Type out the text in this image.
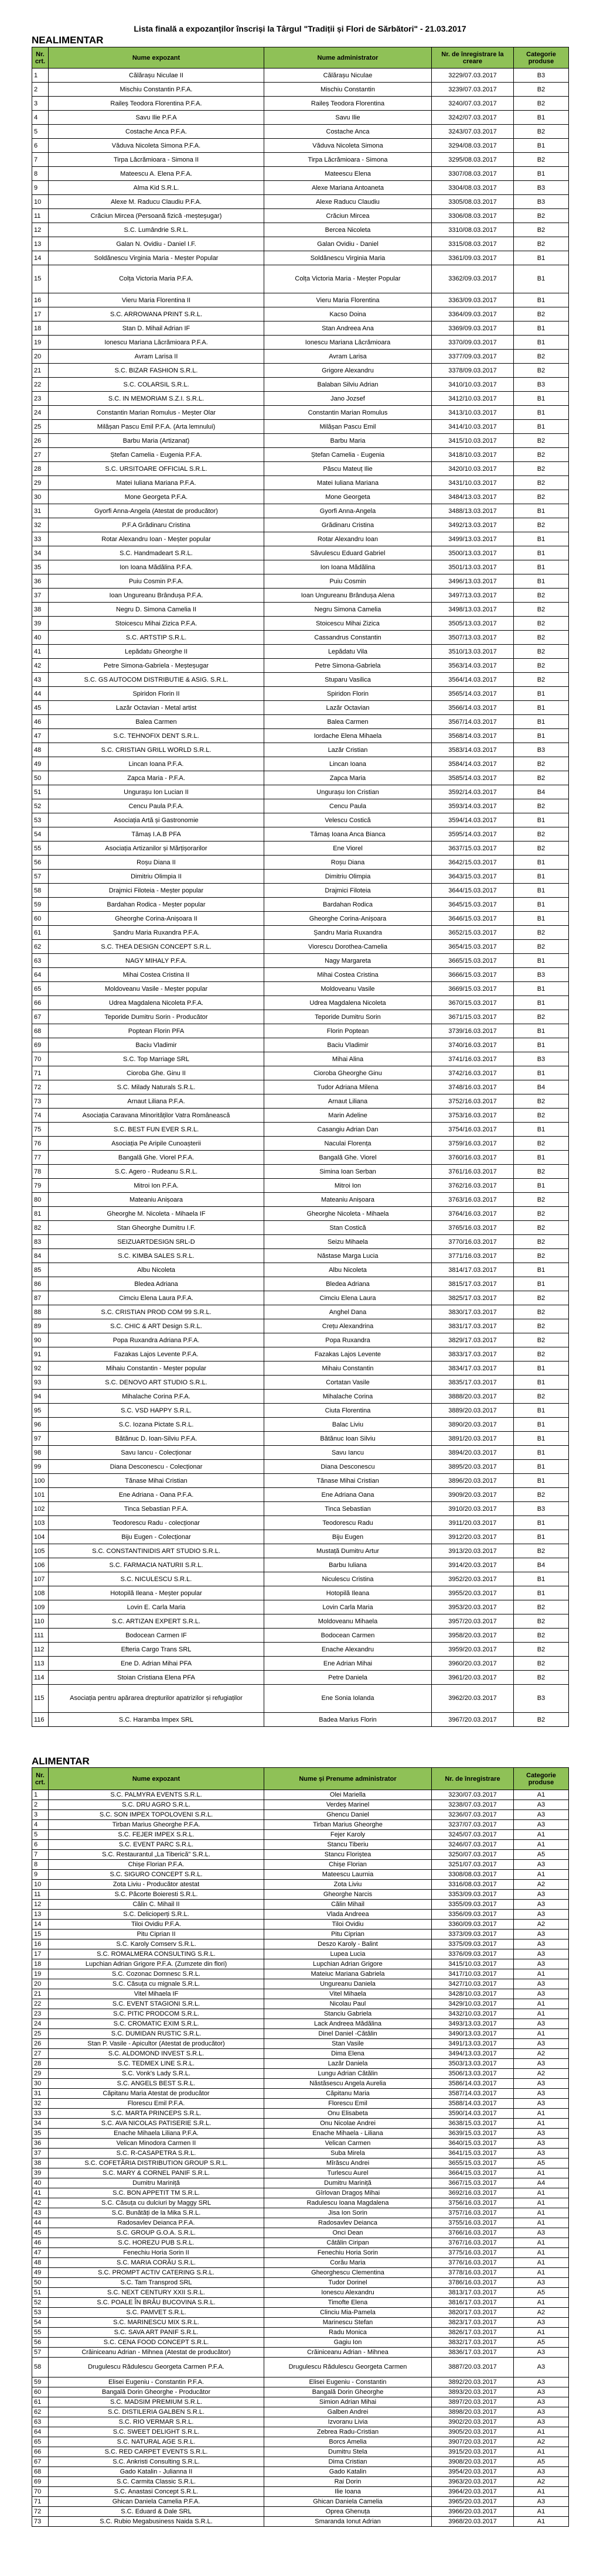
Lista finală a expozanților înscriși la Târgul "Tradiții și Flori de Sărbători" - 21.03.2017
NEALIMENTAR
Nr. crt.	Nume expozant	Nume administrator	Nr. de înregistrare la creare	Categorie produse
1	Călărașu Niculae II	Călărașu Niculae	3229/07.03.2017	B3
2	Mischiu Constantin P.F.A.	Mischiu Constantin	3239/07.03.2017	B2
3	Raileș Teodora Florentina P.F.A.	Raileș Teodora Florentina	3240/07.03.2017	B2
4	Savu Ilie P.F.A	Savu Ilie	3242/07.03.2017	B1
5	Costache Anca P.F.A.	Costache Anca	3243/07.03.2017	B2
6	Văduva Nicoleta Simona P.F.A.	Văduva Nicoleta Simona	3294/08.03.2017	B1
7	Tirpa Lăcrămioara - Simona II	Tirpa Lăcrămioara - Simona	3295/08.03.2017	B2
8	Mateescu A. Elena P.F.A.	Mateescu Elena	3307/08.03.2017	B1
9	Alma Kid S.R.L.	Alexe Mariana Antoaneta	3304/08.03.2017	B3
10	Alexe M. Raducu Claudiu P.F.A.	Alexe Raducu Claudiu	3305/08.03.2017	B3
11	Crăciun Mircea (Persoană fizică -meșteșugar)	Crăciun Mircea	3306/08.03.2017	B2
12	S.C. Lumândrie S.R.L.	Bercea Nicoleta	3310/08.03.2017	B2
13	Galan N. Ovidiu - Daniel I.F.	Galan Ovidiu - Daniel	3315/08.03.2017	B2
14	Soldănescu Virginia Maria - Meșter Popular	Soldănescu Virginia Maria	3361/09.03.2017	B1
15	Colța Victoria Maria P.F.A.	Colța Victoria Maria - Meșter Popular	3362/09.03.2017	B1
16	Vieru Maria Florentina II	Vieru Maria Florentina	3363/09.03.2017	B1
17	S.C. ARROWANA PRINT S.R.L.	Kacso Doina	3364/09.03.2017	B2
18	Stan D. Mihail Adrian IF	Stan Andreea Ana	3369/09.03.2017	B1
19	Ionescu Mariana Lăcrămioara P.F.A.	Ionescu Mariana Lăcrămioara	3370/09.03.2017	B1
20	Avram Larisa II	Avram Larisa	3377/09.03.2017	B2
21	S.C. BIZAR FASHION S.R.L.	Grigore Alexandru	3378/09.03.2017	B2
22	S.C. COLARSIL S.R.L.	Balaban Silviu Adrian	3410/10.03.2017	B3
23	S.C. IN MEMORIAM S.Z.I. S.R.L.	Jano Jozsef	3412/10.03.2017	B1
24	Constantin Marian Romulus - Meșter Olar	Constantin Marian Romulus	3413/10.03.2017	B1
25	Milășan Pascu Emil P.F.A. (Arta lemnului)	Milășan Pascu Emil	3414/10.03.2017	B1
26	Barbu Maria (Artizanat)	Barbu Maria	3415/10.03.2017	B2
27	Ștefan Camelia - Eugenia P.F.A.	Ștefan Camelia - Eugenia	3418/10.03.2017	B2
28	S.C. URSITOARE OFFICIAL S.R.L.	Păscu Mateuț Ilie	3420/10.03.2017	B2
29	Matei Iuliana Mariana P.F.A.	Matei Iuliana Mariana	3431/10.03.2017	B2
30	Mone Georgeta P.F.A.	Mone Georgeta	3484/13.03.2017	B2
31	Gyorfi Anna-Angela (Atestat de producător)	Gyorfi Anna-Angela	3488/13.03.2017	B1
32	P.F.A Grădinaru Cristina	Grădinaru Cristina	3492/13.03.2017	B2
33	Rotar Alexandru Ioan - Meșter popular	Rotar Alexandru Ioan	3499/13.03.2017	B1
34	S.C. Handmadeart S.R.L.	Săvulescu Eduard Gabriel	3500/13.03.2017	B1
35	Ion Ioana Mădălina P.F.A.	Ion Ioana Mădălina	3501/13.03.2017	B1
36	Puiu Cosmin P.F.A.	Puiu Cosmin	3496/13.03.2017	B1
37	Ioan Ungureanu Brândușa P.F.A.	Ioan Ungureanu Brândușa Alena	3497/13.03.2017	B2
38	Negru D. Simona Camelia II	Negru Simona Camelia	3498/13.03.2017	B2
39	Stoicescu Mihai Zizica P.F.A.	Stoicescu Mihai Zizica	3505/13.03.2017	B2
40	S.C. ARTSTIP S.R.L.	Cassandrus Constantin	3507/13.03.2017	B2
41	Lepădatu Gheorghe II	Lepădatu Vila	3510/13.03.2017	B2
42	Petre Simona-Gabriela - Meșteșugar	Petre Simona-Gabriela	3563/14.03.2017	B2
43	S.C. GS AUTOCOM DISTRIBUTIE & ASIG. S.R.L.	Stuparu Vasilica	3564/14.03.2017	B2
44	Spiridon Florin II	Spiridon Florin	3565/14.03.2017	B1
45	Lazăr Octavian - Metal artist	Lazăr Octavian	3566/14.03.2017	B1
46	Balea Carmen	Balea Carmen	3567/14.03.2017	B1
47	S.C. TEHNOFIX DENT S.R.L.	Iordache Elena Mihaela	3568/14.03.2017	B1
48	S.C. CRISTIAN GRILL WORLD S.R.L.	Lazăr Cristian	3583/14.03.2017	B3
49	Lincan Ioana P.F.A.	Lincan Ioana	3584/14.03.2017	B2
50	Zapca Maria - P.F.A.	Zapca Maria	3585/14.03.2017	B2
51	Ungurașu Ion Lucian II	Ungurașu Ion Cristian	3592/14.03.2017	B4
52	Cencu Paula P.F.A.	Cencu Paula	3593/14.03.2017	B2
53	Asociația Artă și Gastronomie	Velescu Costică	3594/14.03.2017	B1
54	Tămaș I.A.B PFA	Tămaș Ioana Anca Bianca	3595/14.03.2017	B2
55	Asociația Artizanilor și Mărțișorarilor	Ene Viorel	3637/15.03.2017	B2
56	Roșu Diana II	Roșu Diana	3642/15.03.2017	B1
57	Dimitriu Olimpia II	Dimitriu Olimpia	3643/15.03.2017	B1
58	Drajmici Filoteia - Meșter popular	Drajmici Filoteia	3644/15.03.2017	B1
59	Bardahan Rodica - Meșter popular	Bardahan Rodica	3645/15.03.2017	B1
60	Gheorghe Corina-Anișoara II	Gheorghe Corina-Anișoara	3646/15.03.2017	B1
61	Șandru Maria Ruxandra P.F.A.	Șandru Maria Ruxandra	3652/15.03.2017	B2
62	S.C. THEA DESIGN CONCEPT S.R.L.	Viorescu Dorothea-Camelia	3654/15.03.2017	B2
63	NAGY MIHALY P.F.A.	Nagy Margareta	3665/15.03.2017	B1
64	Mihai Costea Cristina II	Mihai Costea Cristina	3666/15.03.2017	B3
65	Moldoveanu Vasile - Meșter popular	Moldoveanu Vasile	3669/15.03.2017	B1
66	Udrea Magdalena Nicoleta P.F.A.	Udrea Magdalena Nicoleta	3670/15.03.2017	B1
67	Teporide Dumitru Sorin - Producător	Teporide Dumitru Sorin	3671/15.03.2017	B2
68	Poptean Florin PFA	Florin Poptean	3739/16.03.2017	B1
69	Baciu Vladimir	Baciu Vladimir	3740/16.03.2017	B1
70	S.C. Top Marriage SRL	Mihai Alina	3741/16.03.2017	B3
71	Cioroba Ghe. Ginu II	Cioroba Gheorghe Ginu	3742/16.03.2017	B1
72	S.C. Milady Naturals S.R.L.	Tudor Adriana Milena	3748/16.03.2017	B4
73	Arnaut Liliana P.F.A.	Arnaut Liliana	3752/16.03.2017	B2
74	Asociația Caravana Minorităților Vatra Românească	Marin Adeline	3753/16.03.2017	B2
75	S.C. BEST FUN EVER S.R.L.	Casangiu Adrian Dan	3754/16.03.2017	B1
76	Asociația Pe Aripile Cunoașterii	Naculai Florența	3759/16.03.2017	B2
77	Bangală Ghe. Viorel P.F.A.	Bangală Ghe. Viorel	3760/16.03.2017	B1
78	S.C. Agero - Rudeanu S.R.L.	Simina Ioan Serban	3761/16.03.2017	B2
79	Mitroi Ion P.F.A.	Mitroi Ion	3762/16.03.2017	B1
80	Mateaniu Anișoara	Mateaniu Anișoara	3763/16.03.2017	B2
81	Gheorghe M. Nicoleta - Mihaela IF	Gheorghe Nicoleta - Mihaela	3764/16.03.2017	B2
82	Stan Gheorghe Dumitru I.F.	Stan Costică	3765/16.03.2017	B2
83	SEIZUARTDESIGN SRL-D	Seizu Mihaela	3770/16.03.2017	B2
84	S.C. KIMBA SALES S.R.L.	Năstase Marga Lucia	3771/16.03.2017	B2
85	Albu Nicoleta	Albu Nicoleta	3814/17.03.2017	B1
86	Bledea Adriana	Bledea Adriana	3815/17.03.2017	B1
87	Cimciu Elena Laura P.F.A.	Cimciu Elena Laura	3825/17.03.2017	B2
88	S.C. CRISTIAN PROD COM 99 S.R.L.	Anghel Dana	3830/17.03.2017	B2
89	S.C. CHIC & ART Design S.R.L.	Crețu Alexandrina	3831/17.03.2017	B2
90	Popa Ruxandra Adriana P.F.A.	Popa Ruxandra	3829/17.03.2017	B2
91	Fazakas Lajos Levente P.F.A.	Fazakas Lajos Levente	3833/17.03.2017	B2
92	Mihaiu Constantin - Meșter popular	Mihaiu Constantin	3834/17.03.2017	B1
93	S.C. DENOVO ART STUDIO S.R.L.	Cortatan Vasile	3835/17.03.2017	B1
94	Mihalache Corina P.F.A.	Mihalache Corina	3888/20.03.2017	B2
95	S.C. VSD HAPPY S.R.L.	Ciuta Florentina	3889/20.03.2017	B1
96	S.C. Iozana Pictate S.R.L.	Balac Liviu	3890/20.03.2017	B1
97	Bătănuc D. Ioan-Silviu P.F.A.	Bătănuc Ioan Silviu	3891/20.03.2017	B1
98	Savu Iancu - Colecționar	Savu Iancu	3894/20.03.2017	B1
99	Diana Desconescu - Colecționar	Diana Desconescu	3895/20.03.2017	B1
100	Tănase Mihai Cristian	Tănase Mihai Cristian	3896/20.03.2017	B1
101	Ene Adriana - Oana P.F.A.	Ene Adriana Oana	3909/20.03.2017	B2
102	Tinca Sebastian P.F.A.	Tinca Sebastian	3910/20.03.2017	B3
103	Teodorescu Radu - colecționar	Teodorescu Radu	3911/20.03.2017	B1
104	Biju Eugen - Colecționar	Biju Eugen	3912/20.03.2017	B1
105	S.C. CONSTANTINIDIS ART STUDIO S.R.L.	Mustață Dumitru Artur	3913/20.03.2017	B2
106	S.C. FARMACIA NATURII S.R.L.	Barbu Iuliana	3914/20.03.2017	B4
107	S.C. NICULESCU S.R.L.	Niculescu Cristina	3952/20.03.2017	B1
108	Hotopilă Ileana - Meșter popular	Hotopilă Ileana	3955/20.03.2017	B1
109	Lovin E. Carla Maria	Lovin Carla Maria	3953/20.03.2017	B2
110	S.C. ARTIZAN EXPERT S.R.L.	Moldoveanu Mihaela	3957/20.03.2017	B2
111	Bodocean Carmen IF	Bodocean Carmen	3958/20.03.2017	B2
112	Efteria Cargo Trans SRL	Enache Alexandru	3959/20.03.2017	B2
113	Ene D. Adrian Mihai PFA	Ene Adrian Mihai	3960/20.03.2017	B2
114	Stoian Cristiana Elena PFA	Petre Daniela	3961/20.03.2017	B2
115	Asociația pentru apărarea drepturilor apatrizilor și refugiaților	Ene Sonia Iolanda	3962/20.03.2017	B3
116	S.C. Haramba Impex SRL	Badea Marius Florin	3967/20.03.2017	B2
ALIMENTAR
Nr. crt.	Nume expozant	Nume și Prenume administrator	Nr. de înregistrare	Categorie produse
1	S.C. PALMYRA EVENTS S.R.L.	Olei Mariella	3230/07.03.2017	A1
2	S.C. DRU AGRO S.R.L.	Verdeș Marinel	3238/07.03.2017	A3
3	S.C. SON IMPEX TOPOLOVENI S.R.L.	Ghencu Daniel	3236/07.03.2017	A3
4	Tirban Marius Gheorghe P.F.A.	Tirban Marius Gheorghe	3237/07.03.2017	A3
5	S.C. FEJER IMPEX S.R.L.	Fejer Karoly	3245/07.03.2017	A1
6	S.C. EVENT PARC S.R.L.	Stancu Tiberiu	3246/07.03.2017	A1
7	S.C. Restaurantul „La Tiberică" S.R.L.	Stancu Floriștea	3250/07.03.2017	A5
8	Chișe Florian P.F.A.	Chișe Florian	3251/07.03.2017	A3
9	S.C. SIGURO CONCEPT S.R.L.	Mateescu Laurnia	3308/08.03.2017	A1
10	Zota Liviu - Producător atestat	Zota Liviu	3316/08.03.2017	A2
11	S.C. Păcorte Boieresti S.R.L.	Gheorghe Narcis	3353/09.03.2017	A3
12	Călin C. Mihail II	Călin Mihail	3355/09.03.2017	A3
13	S.C. Delicioperți S.R.L.	Vlada Andreea	3356/09.03.2017	A3
14	Tiloi Ovidiu P.F.A.	Tiloi Ovidiu	3360/09.03.2017	A2
15	Pitu Ciprian II	Pitu Ciprian	3373/09.03.2017	A3
16	S.C. Karoly Comserv S.R.L.	Deszo Karoly - Balint	3375/09.03.2017	A3
17	S.C. ROMALMERA CONSULTING S.R.L.	Lupea Lucia	3376/09.03.2017	A3
18	Lupchian Adrian Grigore P.F.A. (Zumzete din flori)	Lupchian Adrian Grigore	3415/10.03.2017	A3
19	S.C. Cozonac Domnesc S.R.L.	Mateiuc Mariana Gabriela	3417/10.03.2017	A1
20	S.C. Căsuța cu mignale S.R.L.	Ungureanu Daniela	3427/10.03.2017	A3
21	Vitel Mihaela IF	Vitel Mihaela	3428/10.03.2017	A3
22	S.C. EVENT STAGIONI S.R.L.	Nicolau Paul	3429/10.03.2017	A1
23	S.C. PITIC PRODCOM S.R.L.	Stanciu Gabriela	3432/10.03.2017	A1
24	S.C. CROMATIC EXIM S.R.L.	Lack Andreea Mădălina	3493/13.03.2017	A3
25	S.C. DUMIDAN RUSTIC S.R.L.	Dinel Daniel -Cătălin	3490/13.03.2017	A1
26	Stan P. Vasile - Apicultor (Atestat de producător)	Stan Vasile	3491/13.03.2017	A3
27	S.C. ALDOMOND INVEST S.R.L.	Dima Elena	3494/13.03.2017	A2
28	S.C. TEDMEX LINE S.R.L.	Lazăr Daniela	3503/13.03.2017	A3
29	S.C. Vonk's Lady S.R.L.	Lungu Adrian Cătălin	3506/13.03.2017	A2
30	S.C. ANGELS BEST S.R.L.	Năstăsescu Angela Aurelia	3586/14.03.2017	A3
31	Căpitanu Maria Atestat de producător	Căpitanu Maria	3587/14.03.2017	A3
32	Florescu Emil P.F.A.	Florescu Emil	3588/14.03.2017	A3
33	S.C. MARTA PRINCEPS S.R.L.	Onu Elisabeta	3590/14.03.2017	A1
34	S.C. AVA NICOLAS PATISERIE S.R.L.	Onu Nicolae Andrei	3638/15.03.2017	A1
35	Enache Mihaela Liliana P.F.A.	Enache Mihaela - Liliana	3639/15.03.2017	A3
36	Velican Minodora Carmen II	Velican Carmen	3640/15.03.2017	A3
37	S.C. R-CASAPETRA S.R.L.	Suba Mirela	3641/15.03.2017	A3
38	S.C. COFETĂRIA DISTRIBUTION GROUP S.R.L.	Mîrăscu Andrei	3655/15.03.2017	A5
39	S.C. MARY & CORNEL PANIF S.R.L.	Turlescu Aurel	3664/15.03.2017	A1
40	Dumitru Mariniță	Dumitru Mariniță	3667/15.03.2017	A4
41	S.C. BON APPETIT TM S.R.L.	Gîrlovan Dragoș Mihai	3692/16.03.2017	A1
42	S.C. Căsuța cu dulciuri by Maggy SRL	Radulescu Ioana Magdalena	3756/16.03.2017	A1
43	S.C. Bunătăți de la Mika S.R.L.	Jisa Ion Sorin	3757/16.03.2017	A1
44	Radosavlev Deianca P.F.A.	Radosavlev Deianca	3755/16.03.2017	A1
45	S.C. GROUP G.O.A. S.R.L.	Onci Dean	3766/16.03.2017	A3
46	S.C. HOREZU PUB S.R.L.	Cătălin Ciripan	3767/16.03.2017	A1
47	Fenechiu Horia Sorin II	Fenechiu Horia Sorin	3775/16.03.2017	A1
48	S.C. MARIA CORĂU S.R.L.	Corău Maria	3776/16.03.2017	A1
49	S.C. PROMPT ACTIV CATERING S.R.L.	Gheorghescu Clementina	3778/16.03.2017	A1
50	S.C. Tam Transprod SRL	Tudor Dorinel	3786/16.03.2017	A3
51	S.C. NEXT CENTURY XXII S.R.L.	Ionescu Alexandru	3813/17.03.2017	A5
52	S.C. POALE ÎN BRÂU BUCOVINA S.R.L.	Timofte Elena	3816/17.03.2017	A1
53	S.C. PAMVET S.R.L.	Clinciu Mia-Pamela	3820/17.03.2017	A2
54	S.C. MARINESCU MIX S.R.L.	Marinescu Stefan	3823/17.03.2017	A3
55	S.C. SAVA ART PANIF S.R.L.	Radu Monica	3826/17.03.2017	A1
56	S.C. CENA FOOD CONCEPT S.R.L.	Gagiu Ion	3832/17.03.2017	A5
57	Crăiniceanu Adrian - Mihnea (Atestat de producător)	Crăiniceanu Adrian - Mihnea	3836/17.03.2017	A3
58	Drugulescu Rădulescu Georgeta Carmen P.F.A.	Drugulescu Rădulescu Georgeta Carmen	3887/20.03.2017	A3
59	Elisei Eugeniu - Constantin P.F.A.	Elisei Eugeniu - Constantin	3892/20.03.2017	A3
60	Bangală Dorin Gheorghe - Producător	Bangală Dorin Gheorghe	3893/20.03.2017	A3
61	S.C. MADSIM PREMIUM S.R.L.	Simion Adrian Mihai	3897/20.03.2017	A3
62	S.C. DISTILERIA GALBEN S.R.L.	Galben Andrei	3898/20.03.2017	A3
63	S.C. RIO VERMAR S.R.L.	Izvoranu Livia	3902/20.03.2017	A3
64	S.C. SWEET DELIGHT S.R.L.	Zebrea Radu-Cristian	3905/20.03.2017	A1
65	S.C. NATURAL AGE S.R.L.	Borcs Amelia	3907/20.03.2017	A2
66	S.C. RED CARPET EVENTS S.R.L.	Dumitru Stela	3915/20.03.2017	A1
67	S.C. Ankristi Consulting S.R.L.	Dima Cristian	3908/20.03.2017	A5
68	Gado Katalin - Julianna II	Gado Katalin	3954/20.03.2017	A3
69	S.C. Carmita Classic S.R.L.	Rai Dorin	3963/20.03.2017	A2
70	S.C. Anastasi Concept S.R.L.	Ilie Ioana	3964/20.03.2017	A1
71	Ghican Daniela Camelia P.F.A.	Ghican Daniela Camelia	3965/20.03.2017	A3
72	S.C. Eduard & Dale SRL	Oprea Ghenuța	3966/20.03.2017	A1
73	S.C. Rubio Megabusiness Naida S.R.L.	Smaranda Ionut Adrian	3968/20.03.2017	A1
